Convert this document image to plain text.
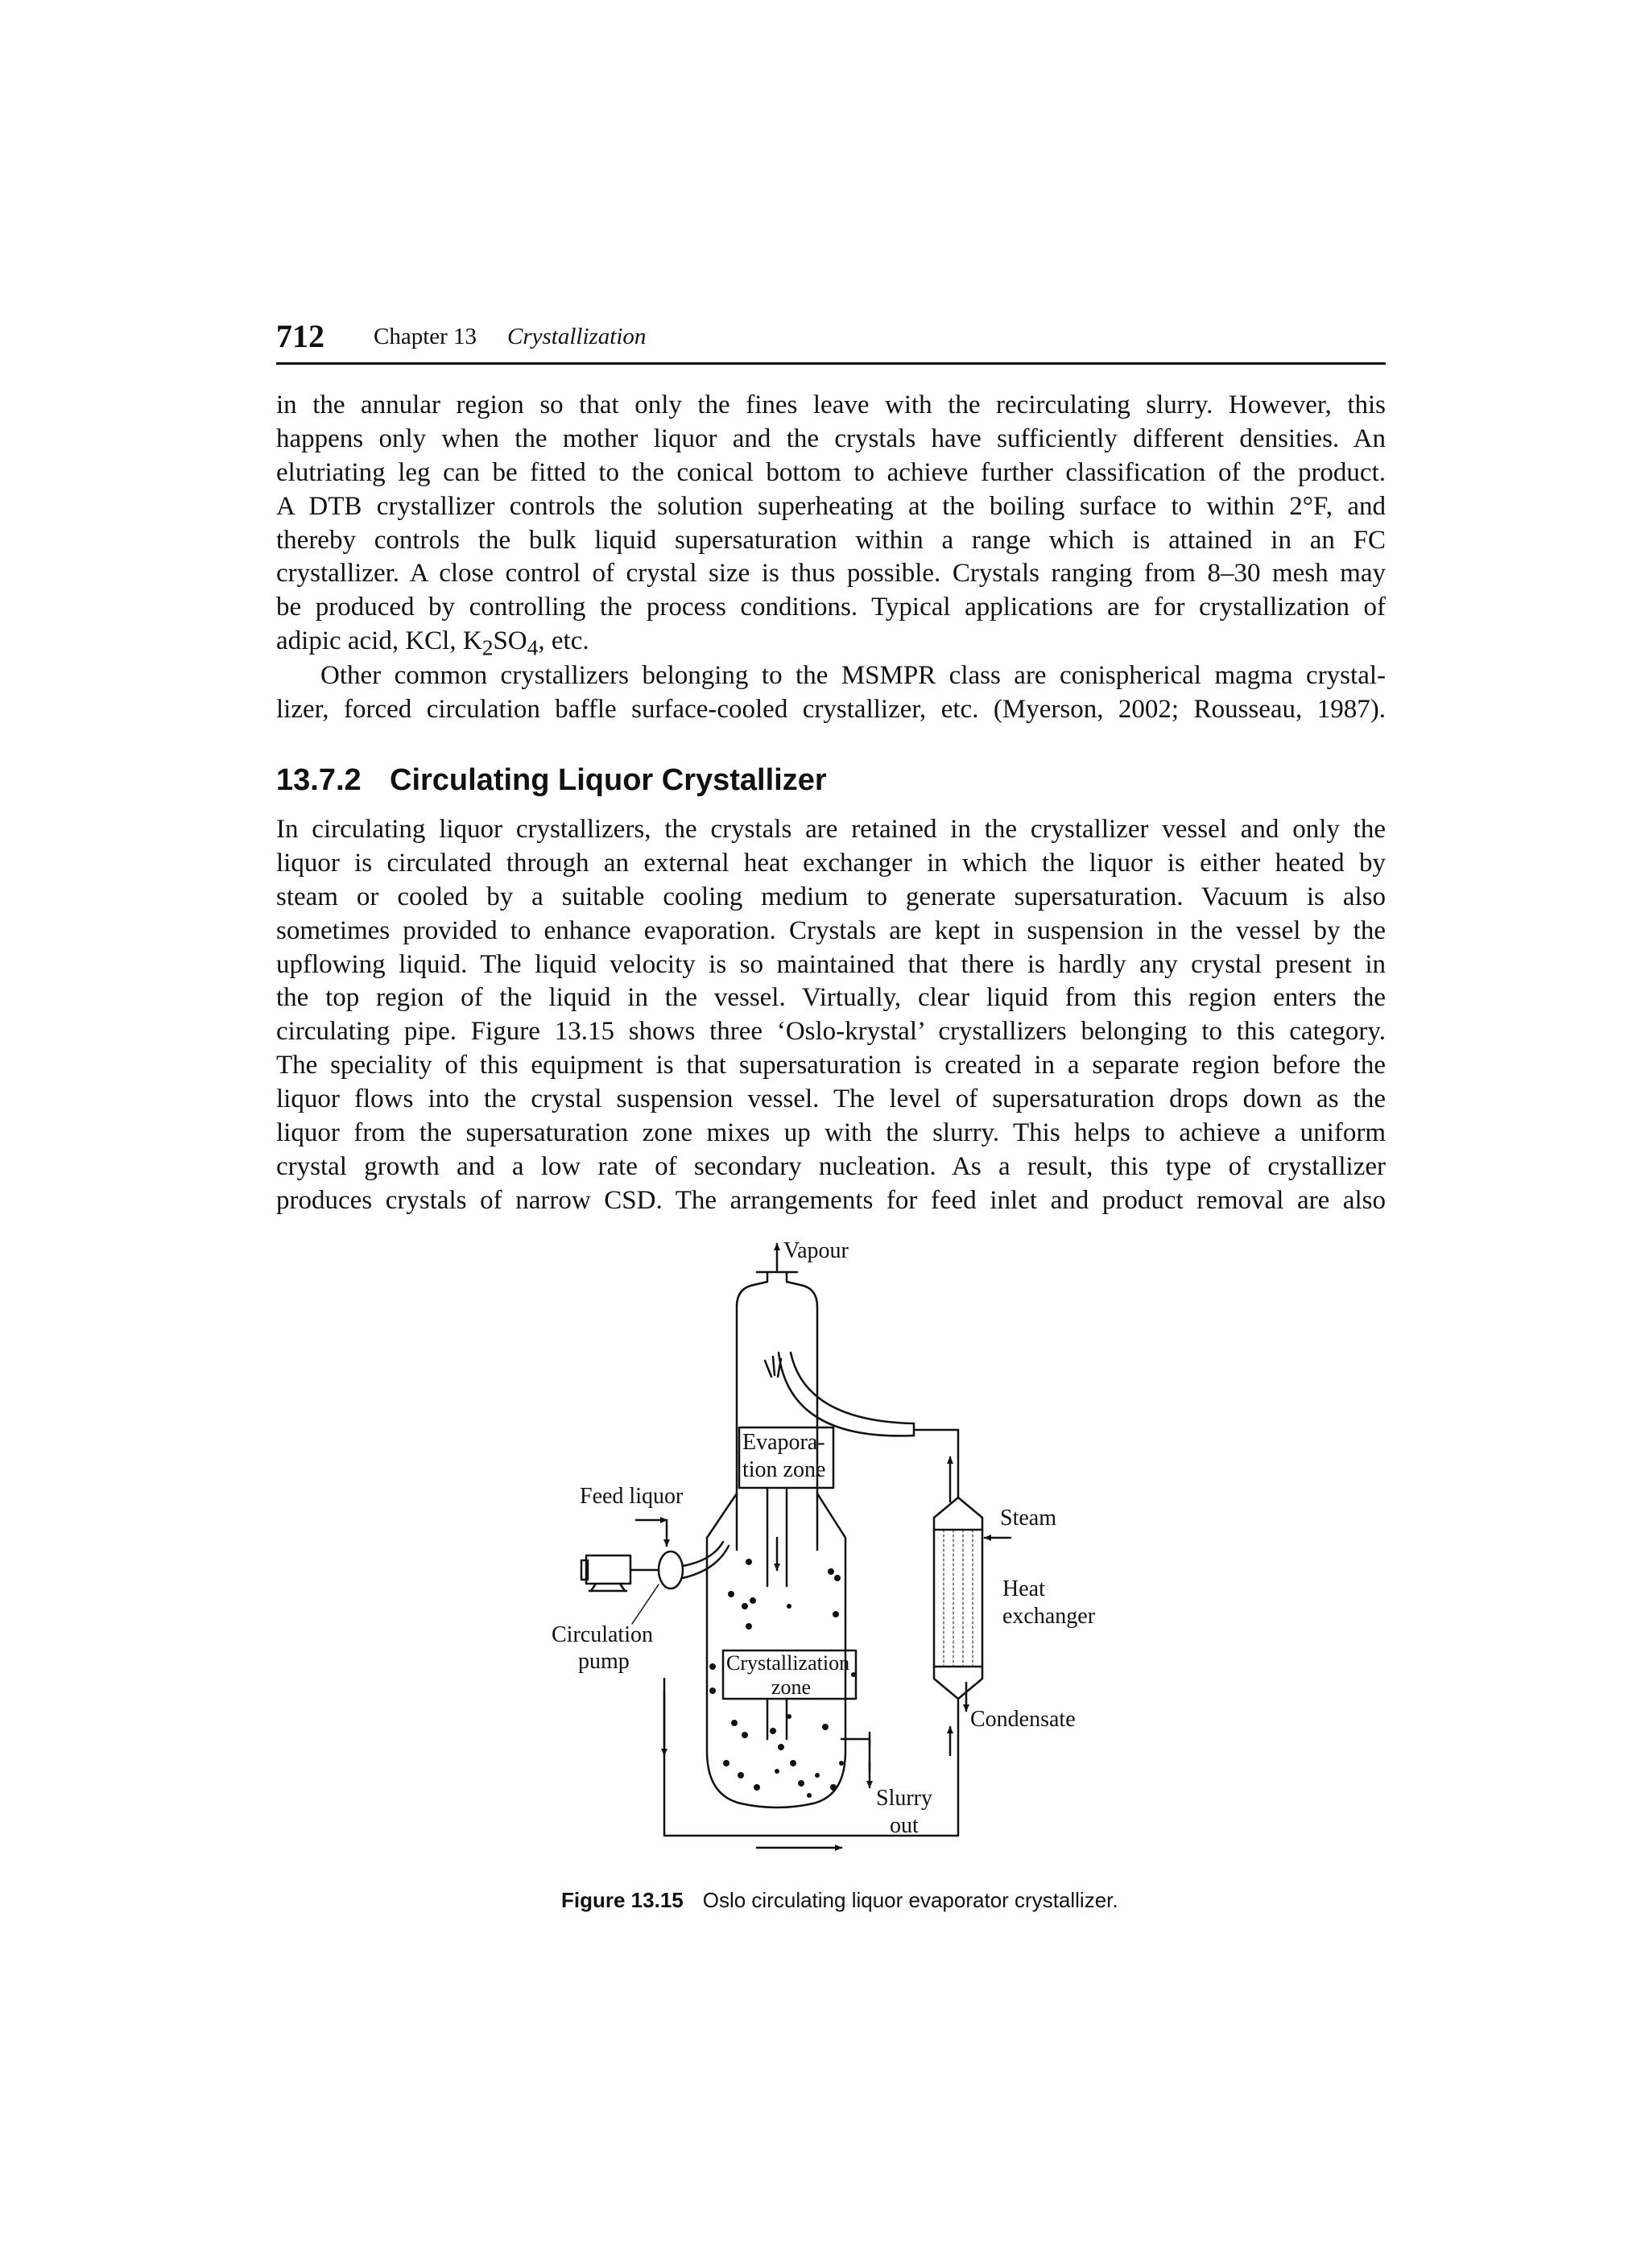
712 Chapter 13 Crystallization
in the annular region so that only the fines leave with the recirculating slurry. However, this
happens only when the mother liquor and the crystals have sufficiently different densities. An
elutriating leg can be fitted to the conical bottom to achieve further classification of the product.
A DTB crystallizer controls the solution superheating at the boiling surface to within 2°F, and
thereby controls the bulk liquid supersaturation within a range which is attained in an FC
crystallizer. A close control of crystal size is thus possible. Crystals ranging from 8–30 mesh may
be produced by controlling the process conditions. Typical applications are for crystallization of
adipic acid, KCl, $K_2SO_4$, etc.
Other common crystallizers belonging to the MSMPR class are conispherical magma crystal-
lizer, forced circulation baffle surface-cooled crystallizer, etc. (Myerson, 2002; Rousseau, 1987).
13.7.2 Circulating Liquor Crystallizer
In circulating liquor crystallizers, the crystals are retained in the crystallizer vessel and only the
liquor is circulated through an external heat exchanger in which the liquor is either heated by
steam or cooled by a suitable cooling medium to generate supersaturation. Vacuum is also
sometimes provided to enhance evaporation. Crystals are kept in suspension in the vessel by the
upflowing liquid. The liquid velocity is so maintained that there is hardly any crystal present in
the top region of the liquid in the vessel. Virtually, clear liquid from this region enters the
circulating pipe. Figure 13.15 shows three ‘Oslo-krystal’ crystallizers belonging to this category.
The speciality of this equipment is that supersaturation is created in a separate region before the
liquor flows into the crystal suspension vessel. The level of supersaturation drops down as the
liquor from the supersaturation zone mixes up with the slurry. This helps to achieve a uniform
crystal growth and a low rate of secondary nucleation. As a result, this type of crystallizer
produces crystals of narrow CSD. The arrangements for feed inlet and product removal are also
Vapour
Evapora-
tion zone
Feed liquor
Steam
Heat
exchanger
Circulation
pump	Crystallization
zone
Condensate
Slurry
out
Figure 13.15 Oslo circulating liquor evaporator crystallizer.
